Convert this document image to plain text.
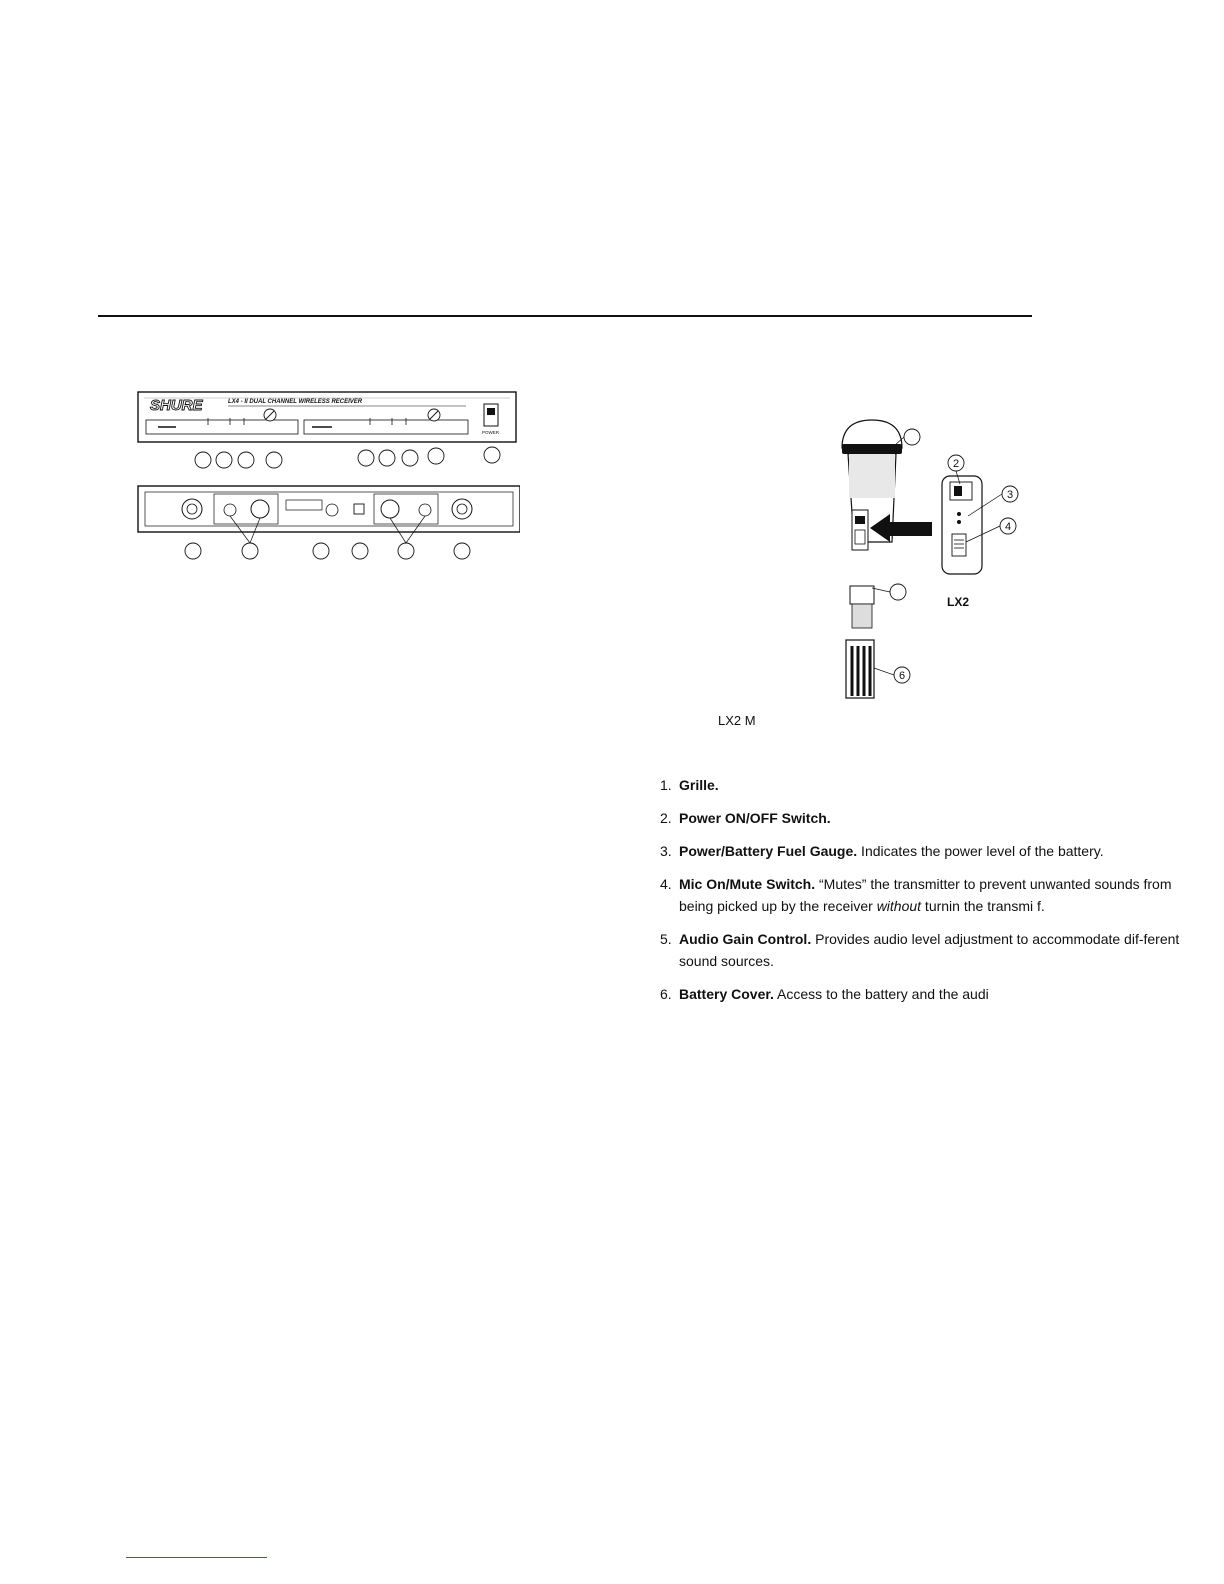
SHURE	LX4 - II DUAL CHANNEL WIRELESS RECEIVER
POWER
2
3
4
6
LX2
LX2 M
1. Grille.
2. Power ON/OFF Switch.
3. Power/Battery Fuel Gauge. Indicates the power level of the battery.
4. Mic On/Mute Switch. “Mutes” the transmitter to prevent unwanted sounds from being picked up by the receiver without turnin the transmi f.
5. Audio Gain Control. Provides audio level adjustment to accommodate dif-ferent sound sources.
6. Battery Cover. Access to the battery and the audi
